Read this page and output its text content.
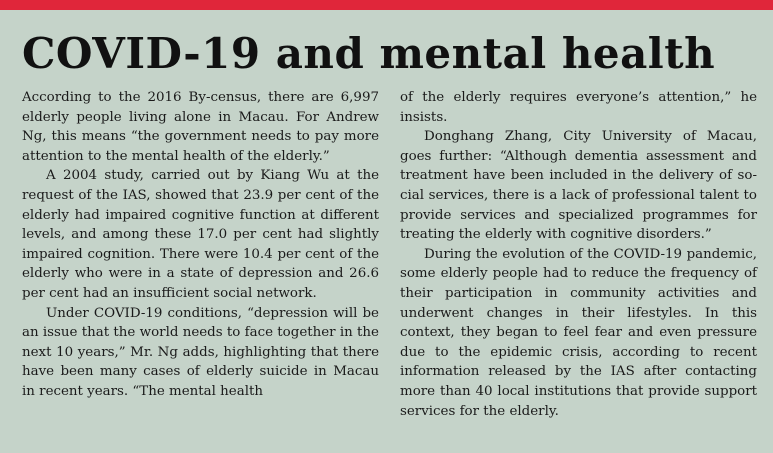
COVID-19 and mental health

According to the 2016 By-census, there are 6,997 elderly people living alone in Macau. For Andrew Ng, this means “the government needs to pay more attention to the mental health of the elderly.”

A 2004 study, carried out by Kiang Wu at the request of the IAS, showed that 23.9 per cent of the elderly had impaired cognitive function at different levels, and among these 17.0 per cent had slightly impaired cognition. There were 10.4 per cent of the elderly who were in a state of depression and 26.6 per cent had an insufficient social network.

Under COVID-19 conditions, “depression will be an issue that the world needs to face together in the next 10 years,” Mr. Ng adds, highlighting that there have been many cases of elderly suicide in Macau in recent years. “The mental health

of the elderly requires everyone’s attention,” he insists.

Donghang Zhang, City University of Macau, goes further: “Although dementia assessment and treatment have been included in the delivery of social services, there is a lack of professional talent to provide services and specialized programmes for treating the elderly with cognitive disorders.”

During the evolution of the COVID-19 pandemic, some elderly people had to reduce the frequency of their participation in community activities and underwent changes in their lifestyles. In this context, they began to feel fear and even pressure due to the epidemic crisis, according to recent information released by the IAS after contacting more than 40 local institutions that provide support services for the elderly.
